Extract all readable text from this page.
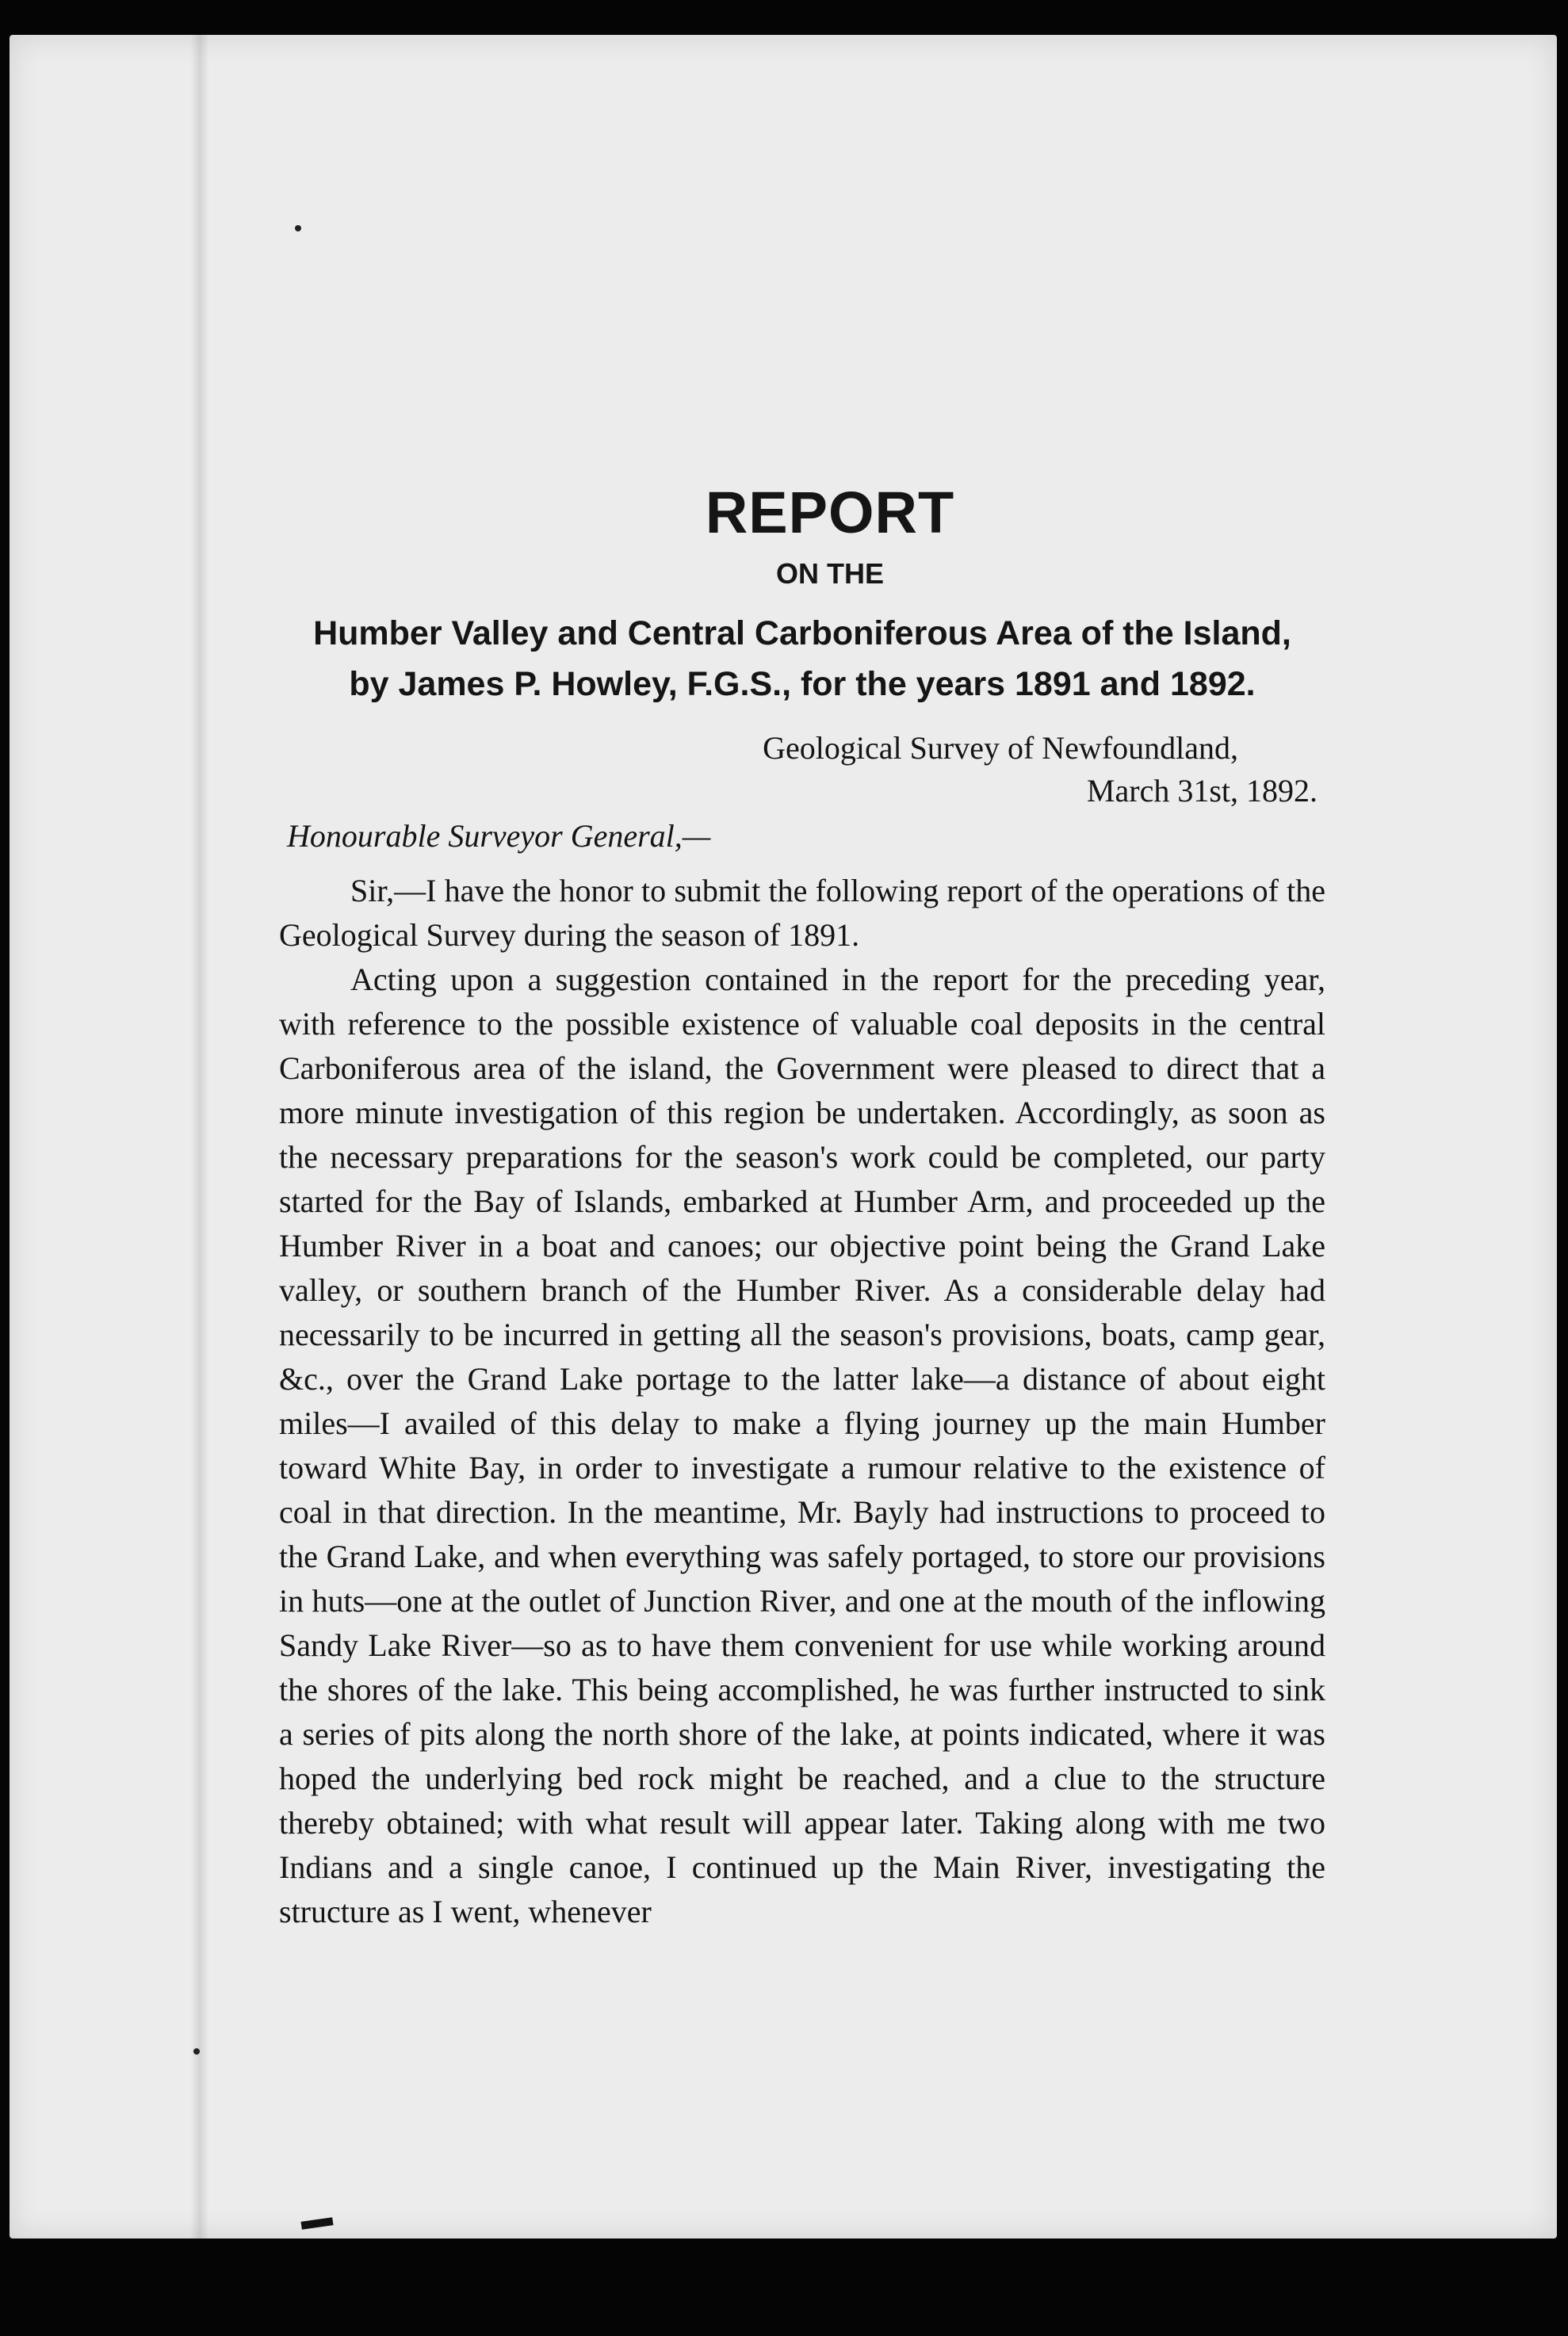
REPORT
ON THE
Humber Valley and Central Carboniferous Area of the Island,
by James P. Howley, F.G.S., for the years 1891 and 1892.
Geological Survey of Newfoundland,
March 31st, 1892.
Honourable Surveyor General,—

Sir,—I have the honor to submit the following report of the operations of the Geological Survey during the season of 1891.

Acting upon a suggestion contained in the report for the preceding year, with reference to the possible existence of valuable coal deposits in the central Carboniferous area of the island, the Government were pleased to direct that a more minute investigation of this region be undertaken. Accordingly, as soon as the necessary preparations for the season's work could be completed, our party started for the Bay of Islands, embarked at Humber Arm, and proceeded up the Humber River in a boat and canoes; our objective point being the Grand Lake valley, or southern branch of the Humber River. As a considerable delay had necessarily to be incurred in getting all the season's provisions, boats, camp gear, &c., over the Grand Lake portage to the latter lake—a distance of about eight miles—I availed of this delay to make a flying journey up the main Humber toward White Bay, in order to investigate a rumour relative to the existence of coal in that direction. In the meantime, Mr. Bayly had instructions to proceed to the Grand Lake, and when everything was safely portaged, to store our provisions in huts—one at the outlet of Junction River, and one at the mouth of the inflowing Sandy Lake River—so as to have them convenient for use while working around the shores of the lake. This being accomplished, he was further instructed to sink a series of pits along the north shore of the lake, at points indicated, where it was hoped the underlying bed rock might be reached, and a clue to the structure thereby obtained; with what result will appear later. Taking along with me two Indians and a single canoe, I continued up the Main River, investigating the structure as I went, whenever
